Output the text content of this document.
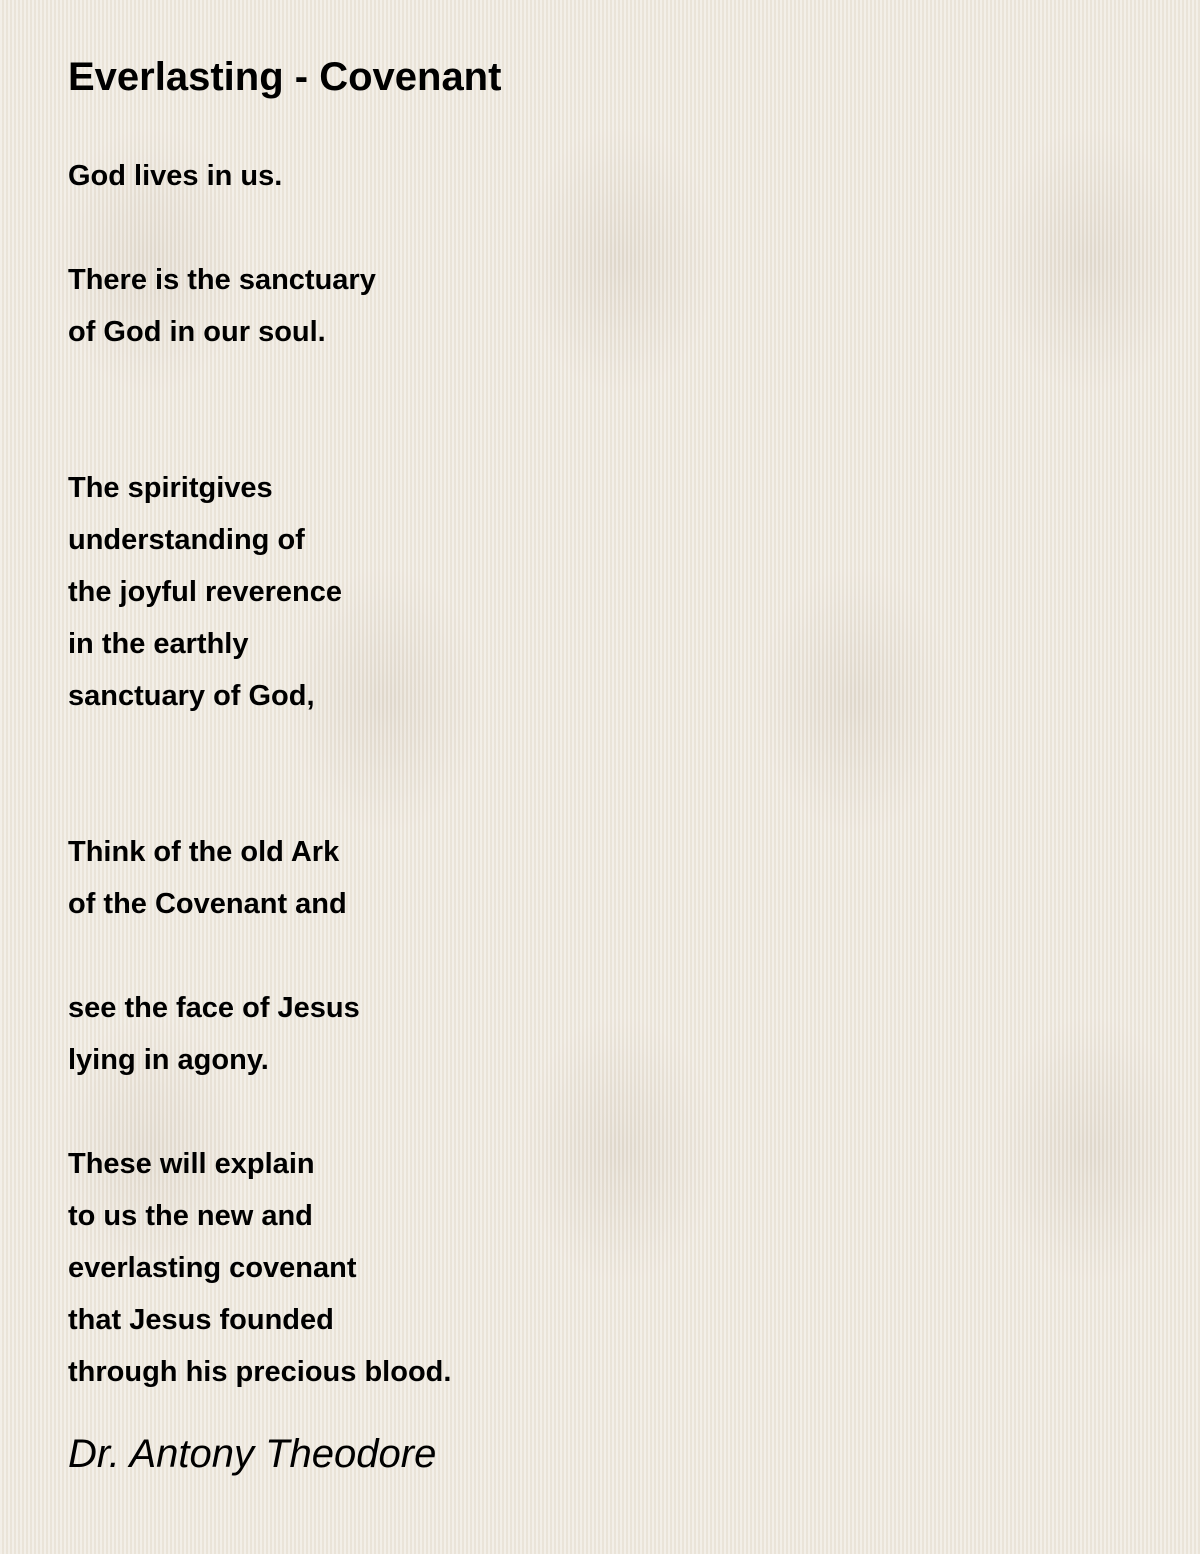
Everlasting - Covenant
God lives in us.
There is the sanctuary
of God in our soul.
The spiritgives
understanding of
the joyful reverence
in the earthly
sanctuary of God,
Think of the old Ark
of the Covenant and
see the face of Jesus
lying in agony.
These will explain
to us the new and
everlasting covenant
that Jesus founded
through his precious blood.
Dr. Antony Theodore
